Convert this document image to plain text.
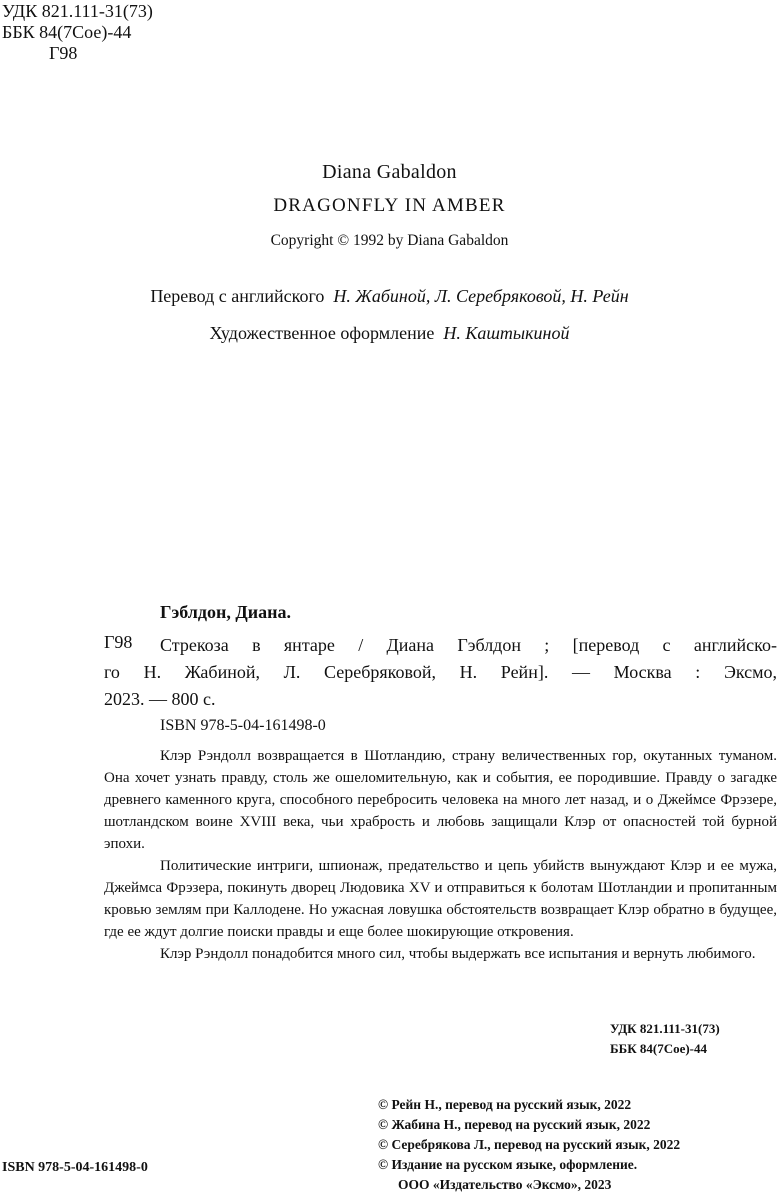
УДК 821.111-31(73)
ББК 84(7Сое)-44
Г98
Diana Gabaldon
DRAGONFLY IN AMBER
Copyright © 1992 by Diana Gabaldon
Перевод с английского Н. Жабиной, Л. Серебряковой, Н. Рейн
Художественное оформление Н. Каштыкиной
Гэблдон, Диана.
Г98	Стрекоза в янтаре / Диана Гэблдон ; [перевод с английско-

го Н. Жабиной, Л. Серебряковой, Н. Рейн]. — Москва : Эксмо,

2023. — 800 с.

ISBN 978-5-04-161498-0

Клэр Рэндолл возвращается в Шотландию, страну величественных гор, окутанных туманом. Она хочет узнать правду, столь же ошеломительную, как и события, ее породившие. Правду о загадке древнего каменного круга, способного перебросить человека на много лет назад, и о Джеймсе Фрэзере, шотландском воине XVIII века, чьи храбрость и любовь защищали Клэр от опасностей той бурной эпохи.

Политические интриги, шпионаж, предательство и цепь убийств вынуждают Клэр и ее мужа, Джеймса Фрэзера, покинуть дворец Людовика XV и отправиться к болотам Шотландии и пропитанным кровью землям при Каллодене. Но ужасная ловушка обстоятельств возвращает Клэр обратно в будущее, где ее ждут долгие поиски правды и еще более шокирующие откровения.

Клэр Рэндолл понадобится много сил, чтобы выдержать все испытания и вернуть любимого.

УДК 821.111-31(73)
ББК 84(7Сое)-44
© Рейн Н., перевод на русский язык, 2022
© Жабина Н., перевод на русский язык, 2022
© Серебрякова Л., перевод на русский язык, 2022
© Издание на русском языке, оформление.
ООО «Издательство «Эксмо», 2023
ISBN 978-5-04-161498-0
